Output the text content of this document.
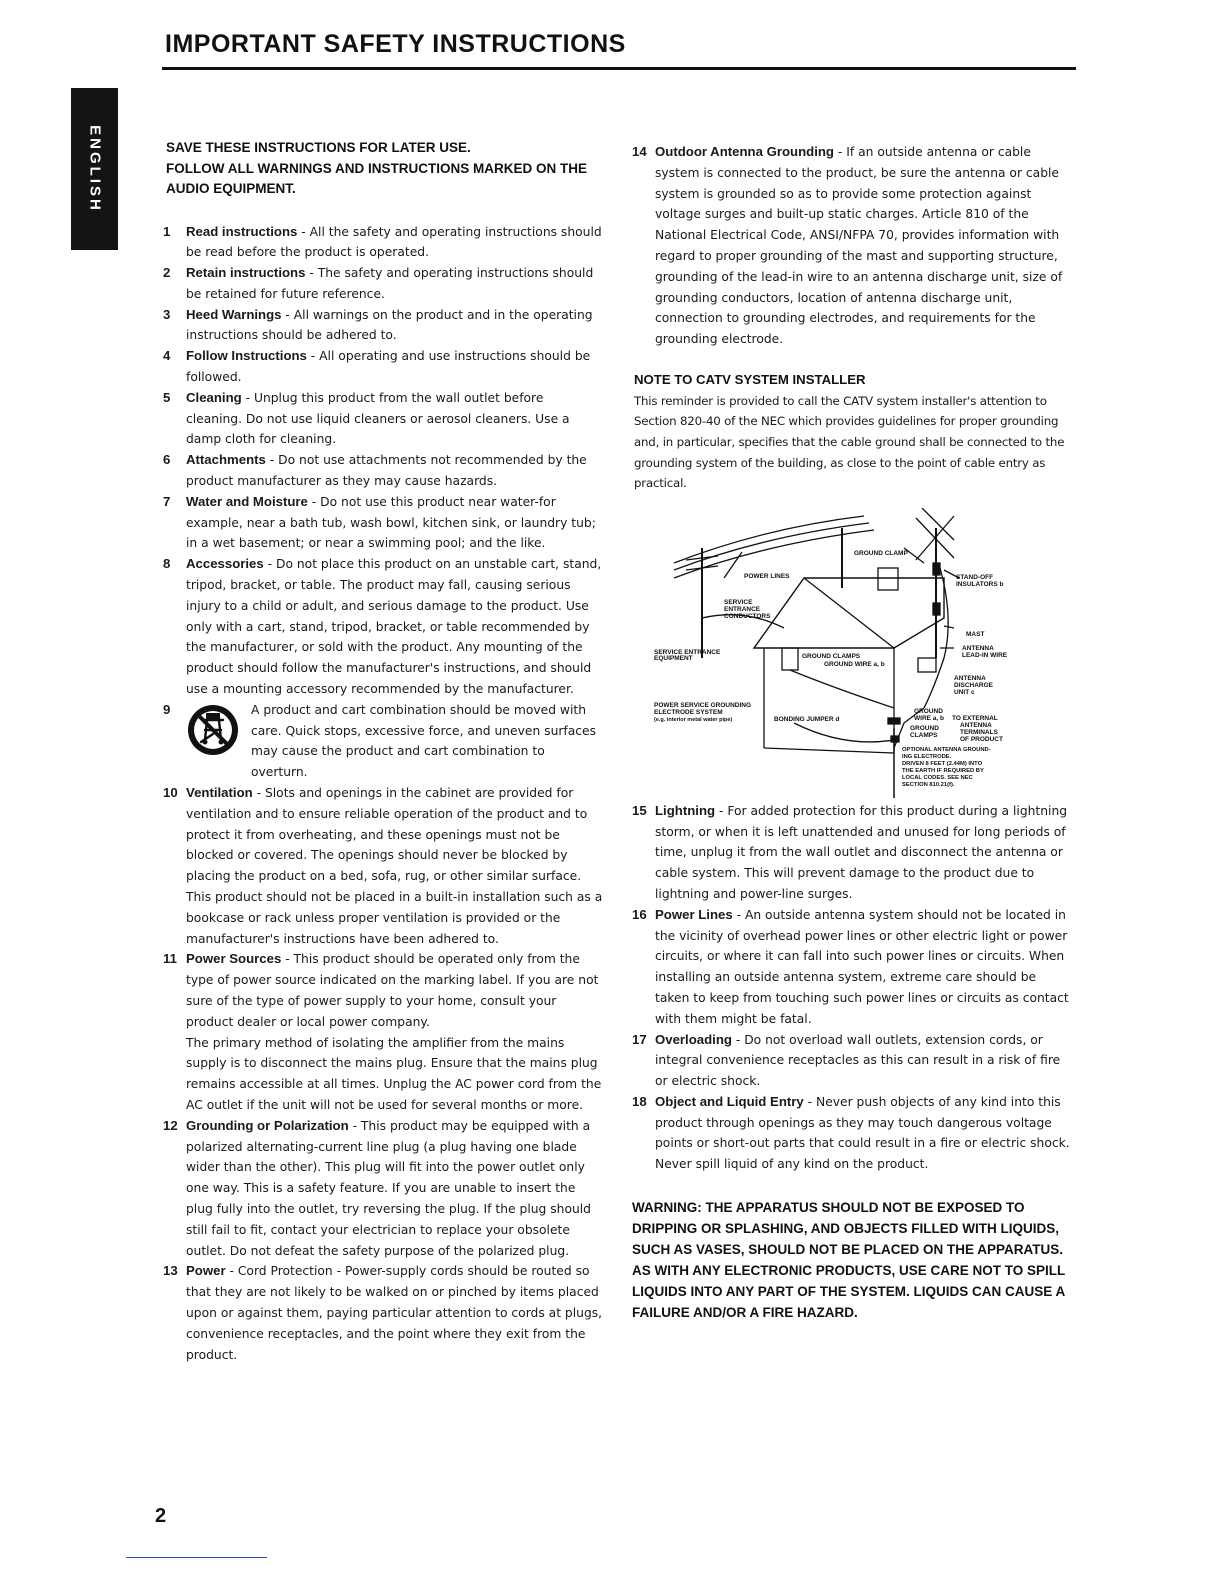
IMPORTANT SAFETY INSTRUCTIONS
ENGLISH	SAVE THESE INSTRUCTIONS FOR LATER USE.
FOLLOW ALL WARNINGS AND INSTRUCTIONS MARKED ON THE AUDIO EQUIPMENT.
1	Read instructions - All the safety and operating instructions should be read before the product is operated.
2	Retain instructions - The safety and operating instructions should be retained for future reference.
3	Heed Warnings - All warnings on the product and in the operating instructions should be adhered to.
4	Follow Instructions - All operating and use instructions should be followed.
5	Cleaning - Unplug this product from the wall outlet before cleaning. Do not use liquid cleaners or aerosol cleaners. Use a damp cloth for cleaning.
6	Attachments - Do not use attachments not recommended by the product manufacturer as they may cause hazards.
7	Water and Moisture - Do not use this product near water-for example, near a bath tub, wash bowl, kitchen sink, or laundry tub; in a wet basement; or near a swimming pool; and the like.
8	Accessories - Do not place this product on an unstable cart, stand, tripod, bracket, or table. The product may fall, causing serious injury to a child or adult, and serious damage to the product. Use only with a cart, stand, tripod, bracket, or table recommended by the manufacturer, or sold with the product. Any mounting of the product should follow the manufacturer's instructions, and should use a mounting accessory recommended by the manufacturer.
9	A product and cart combination should be moved with care. Quick stops, excessive force, and uneven surfaces may cause the product and cart combination to overturn.
10 Ventilation - Slots and openings in the cabinet are provided for ventilation and to ensure reliable operation of the product and to protect it from overheating, and these openings must not be blocked or covered. The openings should never be blocked by placing the product on a bed, sofa, rug, or other similar surface. This product should not be placed in a built-in installation such as a bookcase or rack unless proper ventilation is provided or the manufacturer's instructions have been adhered to.
11 Power Sources - This product should be operated only from the type of power source indicated on the marking label. If you are not sure of the type of power supply to your home, consult your product dealer or local power company.
The primary method of isolating the amplifier from the mains supply is to disconnect the mains plug. Ensure that the mains plug remains accessible at all times. Unplug the AC power cord from the AC outlet if the unit will not be used for several months or more.
12 Grounding or Polarization - This product may be equipped with a polarized alternating-current line plug (a plug having one blade wider than the other). This plug will fit into the power outlet only one way. This is a safety feature. If you are unable to insert the plug fully into the outlet, try reversing the plug. If the plug should still fail to fit, contact your electrician to replace your obsolete outlet. Do not defeat the safety purpose of the polarized plug.
13 Power - Cord Protection - Power-supply cords should be routed so that they are not likely to be walked on or pinched by items placed upon or against them, paying particular attention to cords at plugs, convenience receptacles, and the point where they exit from the product.
14 Outdoor Antenna Grounding - If an outside antenna or cable system is connected to the product, be sure the antenna or cable system is grounded so as to provide some protection against voltage surges and built-up static charges. Article 810 of the National Electrical Code, ANSI/NFPA 70, provides information with regard to proper grounding of the mast and supporting structure, grounding of the lead-in wire to an antenna discharge unit, size of grounding conductors, location of antenna discharge unit, connection to grounding electrodes, and requirements for the grounding electrode.
NOTE TO CATV SYSTEM INSTALLER
This reminder is provided to call the CATV system installer's attention to Section 820-40 of the NEC which provides guidelines for proper grounding and, in particular, specifies that the cable ground shall be connected to the grounding system of the building, as close to the point of cable entry as practical.
GROUND CLAMP
POWER LINES	STAND-OFF
INSULATORS b
SERVICE
ENTRANCE
CONDUCTORS
MAST
SERVICE ENTRANCE
EQUIPMENT	GROUND CLAMPS
GROUND WIRE a, b
ANTENNA
LEAD-IN WIRE
ANTENNA
DISCHARGE
UNIT c
POWER SERVICE GROUNDING
ELECTRODE SYSTEM
(e.g. interior metal water pipe)	BONDING JUMPER d
GROUND
WIRE a, b
GROUND
CLAMPS
TO EXTERNAL
ANTENNA
TERMINALS
OF PRODUCT
OPTIONAL ANTENNA GROUND-
ING ELECTRODE.
DRIVEN 8 FEET (2.44M) INTO
THE EARTH IF REQUIRED BY
LOCAL CODES. SEE NEC
SECTION 810.21(f).
15 Lightning - For added protection for this product during a lightning storm, or when it is left unattended and unused for long periods of time, unplug it from the wall outlet and disconnect the antenna or cable system. This will prevent damage to the product due to lightning and power-line surges.
16 Power Lines - An outside antenna system should not be located in the vicinity of overhead power lines or other electric light or power circuits, or where it can fall into such power lines or circuits. When installing an outside antenna system, extreme care should be taken to keep from touching such power lines or circuits as contact with them might be fatal.
17 Overloading - Do not overload wall outlets, extension cords, or integral convenience receptacles as this can result in a risk of fire or electric shock.
18 Object and Liquid Entry - Never push objects of any kind into this product through openings as they may touch dangerous voltage points or short-out parts that could result in a fire or electric shock. Never spill liquid of any kind on the product.
WARNING: THE APPARATUS SHOULD NOT BE EXPOSED TO DRIPPING OR SPLASHING, AND OBJECTS FILLED WITH LIQUIDS, SUCH AS VASES, SHOULD NOT BE PLACED ON THE APPARATUS. AS WITH ANY ELECTRONIC PRODUCTS, USE CARE NOT TO SPILL LIQUIDS INTO ANY PART OF THE SYSTEM. LIQUIDS CAN CAUSE A FAILURE AND/OR A FIRE HAZARD.

2
